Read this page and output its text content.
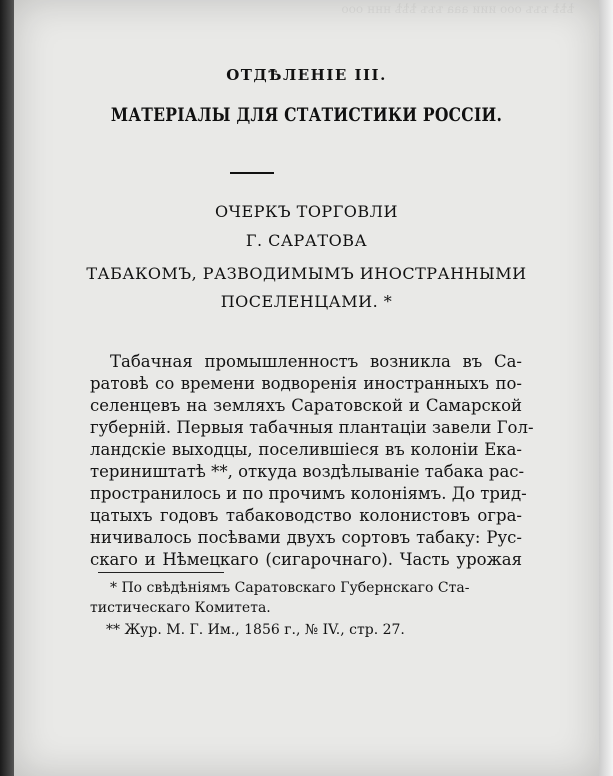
ѣѣѣ ъъъ ооо иии ааа ъъъ ѣѣѣ ннн ооо
ОТДѢЛЕНІЕ III.
МАТЕРІАЛЫ ДЛЯ СТАТИСТИКИ РОССІИ.
ОЧЕРКЪ ТОРГОВЛИ
Г. САРАТОВА
ТАБАКОМЪ, РАЗВОДИМЫМЪ ИНОСТРАННЫМИ
ПОСЕЛЕНЦАМИ. *
Табачная промышленностъ возникла въ Са-
ратовѣ со времени водворенія иностранныхъ по-
селенцевъ на земляхъ Саратовской и Самарской
губерній. Первыя табачныя плантаціи завели Гол-
ландскіе выходцы, поселившіеся въ колоніи Ека-
териништатѣ **, откуда воздѣлываніе табака рас-
пространилось и по прочимъ колоніямъ. До трид-
цатыхъ годовъ табаководство колонистовъ огра-
* По свѣдѣніямъ Саратовскаго Губернскаго Ста-
тистическаго Комитета.
** Жур. М. Г. Им., 1856 г., № IV., стр. 27.
ничивалось посѣвами двухъ сортовъ табаку: Рус-
скаго и Нѣмецкаго (сигарочнаго). Часть урожая
